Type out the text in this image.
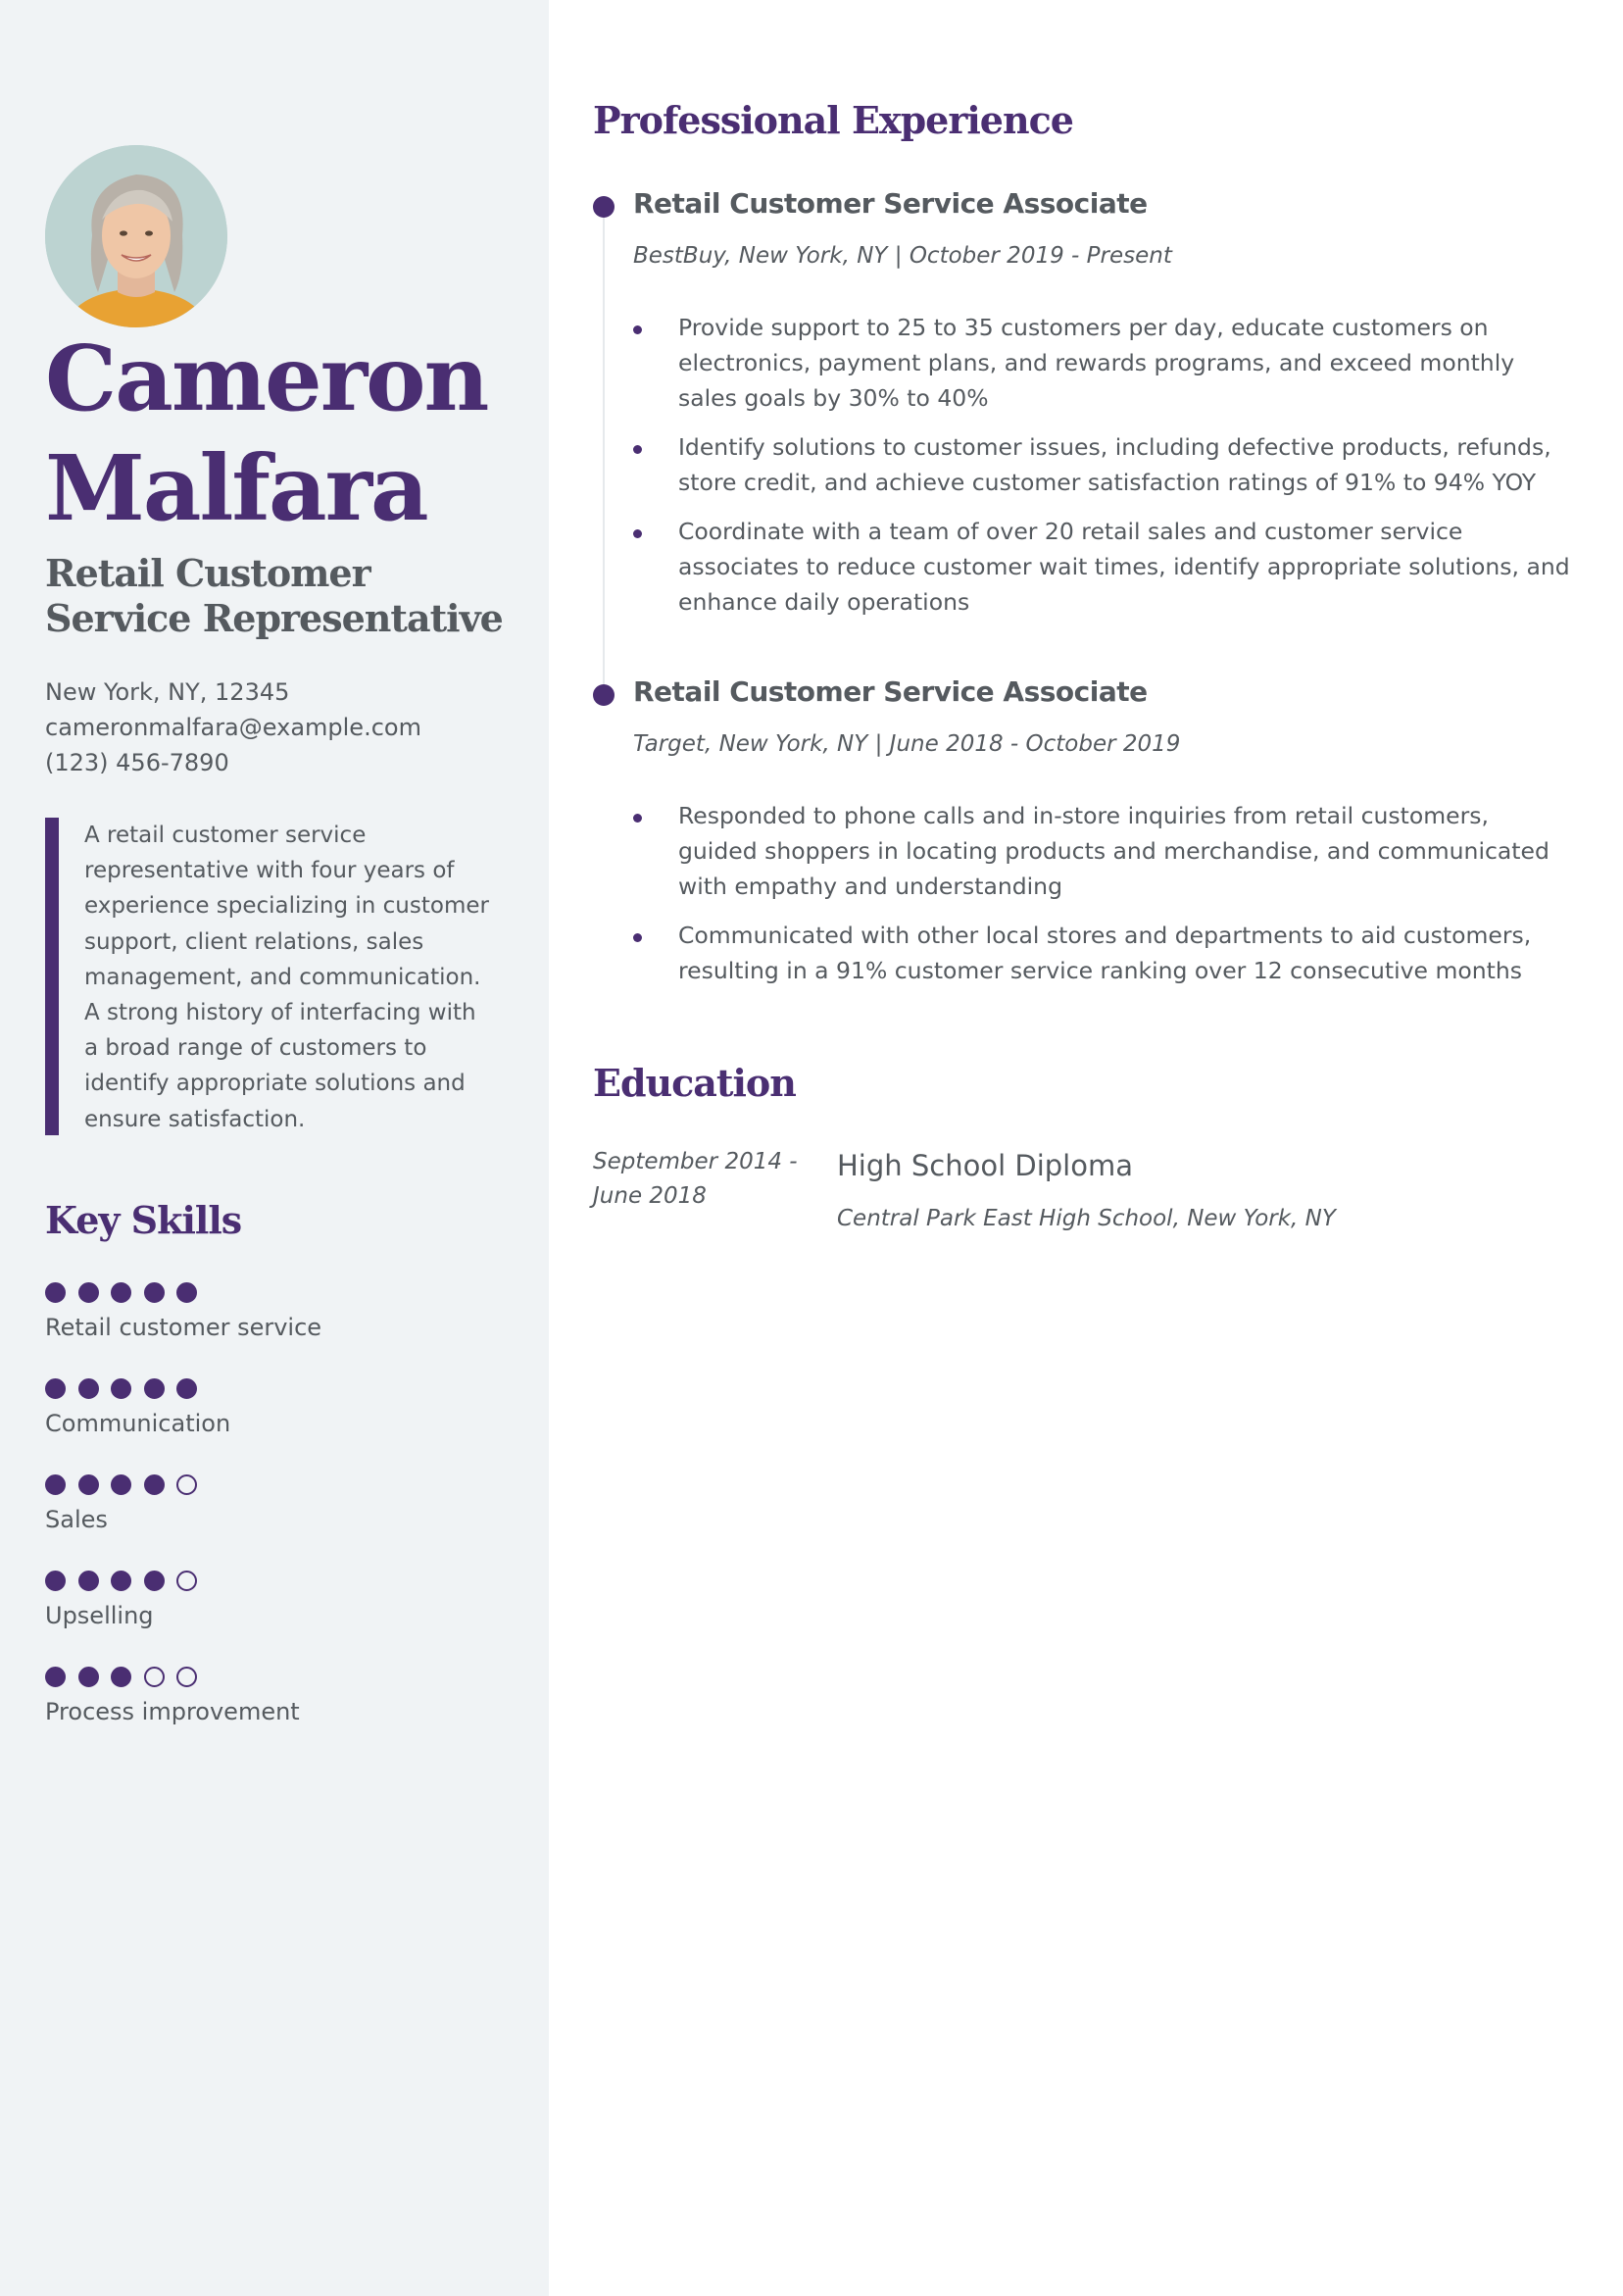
Cameron
Malfara
Retail Customer Service Representative
New York, NY, 12345
cameronmalfara@example.com
(123) 456-7890
A retail customer service representative with four years of experience specializing in customer support, client relations, sales management, and communication. A strong history of interfacing with a broad range of customers to identify appropriate solutions and ensure satisfaction.
Key Skills
Retail customer service
Communication
Sales
Upselling
Process improvement
Professional Experience
Retail Customer Service Associate
BestBuy, New York, NY | October 2019 - Present
Provide support to 25 to 35 customers per day, educate customers on electronics, payment plans, and rewards programs, and exceed monthly sales goals by 30% to 40%
Identify solutions to customer issues, including defective products, refunds, store credit, and achieve customer satisfaction ratings of 91% to 94% YOY
Coordinate with a team of over 20 retail sales and customer service associates to reduce customer wait times, identify appropriate solutions, and enhance daily operations
Retail Customer Service Associate
Target, New York, NY | June 2018 - October 2019
Responded to phone calls and in-store inquiries from retail customers, guided shoppers in locating products and merchandise, and communicated with empathy and understanding
Communicated with other local stores and departments to aid customers, resulting in a 91% customer service ranking over 12 consecutive months
Education
September 2014 - June 2018
High School Diploma
Central Park East High School, New York, NY
